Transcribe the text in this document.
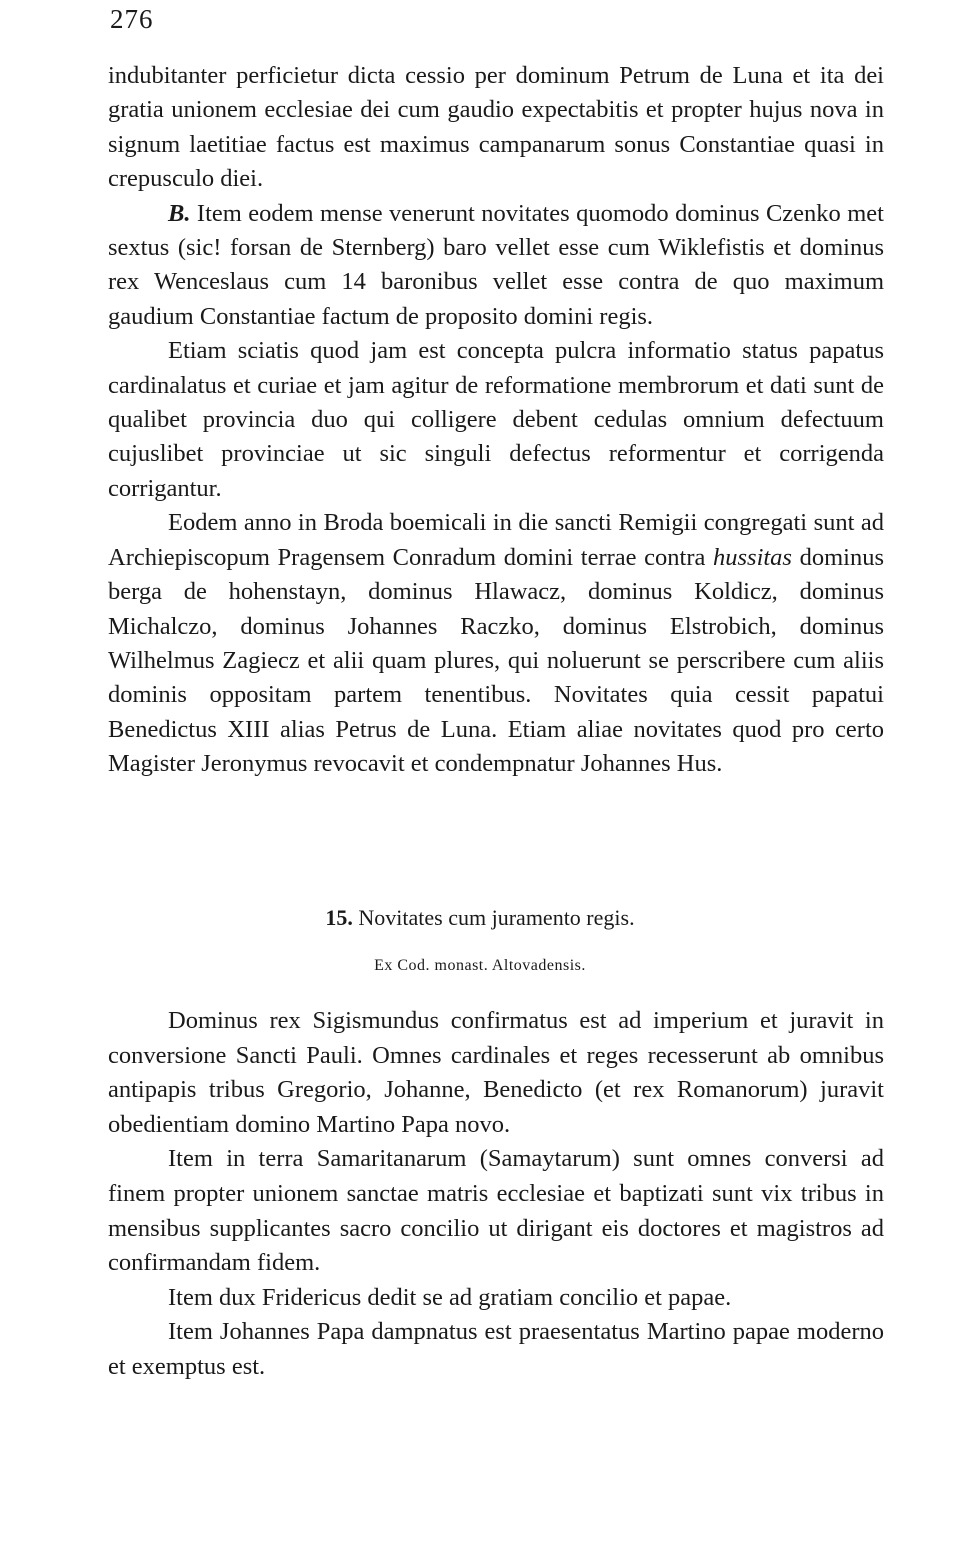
276

indubitanter perficietur dicta cessio per dominum Petrum de Luna et ita dei gratia unionem ecclesiae dei cum gaudio expectabitis et propter hujus nova in signum laetitiae factus est maximus campanarum sonus Constantiae quasi in crepusculo diei.

B. Item eodem mense venerunt novitates quomodo dominus Czenko met sextus (sic! forsan de Sternberg) baro vellet esse cum Wiklefistis et dominus rex Wenceslaus cum 14 baronibus vellet esse contra de quo maximum gaudium Constantiae factum de proposito domini regis.

Etiam sciatis quod jam est concepta pulcra informatio status papatus cardinalatus et curiae et jam agitur de reformatione membrorum et dati sunt de qualibet provincia duo qui colligere debent cedulas omnium defectuum cujuslibet provinciae ut sic singuli defectus reformentur et corrigenda corrigantur.

Eodem anno in Broda boemicali in die sancti Remigii congregati sunt ad Archiepiscopum Pragensem Conradum domini terrae contra hussitas dominus berga de hohenstayn, dominus Hlawacz, dominus Koldicz, dominus Michalczo, dominus Johannes Raczko, dominus Elstrobich, dominus Wilhelmus Zagiecz et alii quam plures, qui noluerunt se perscribere cum aliis dominis oppositam partem tenentibus. Novitates quia cessit papatui Benedictus XIII alias Petrus de Luna. Etiam aliae novitates quod pro certo Magister Jeronymus revocavit et condempnatur Johannes Hus.

15. Novitates cum juramento regis.
Ex Cod. monast. Altovadensis.

Dominus rex Sigismundus confirmatus est ad imperium et juravit in conversione Sancti Pauli. Omnes cardinales et reges recesserunt ab omnibus antipapis tribus Gregorio, Johanne, Benedicto (et rex Romanorum) juravit obedientiam domino Martino Papa novo.

Item in terra Samaritanarum (Samaytarum) sunt omnes conversi ad finem propter unionem sanctae matris ecclesiae et baptizati sunt vix tribus in mensibus supplicantes sacro concilio ut dirigant eis doctores et magistros ad confirmandam fidem.

Item dux Fridericus dedit se ad gratiam concilio et papae.

Item Johannes Papa dampnatus est praesentatus Martino papae moderno et exemptus est.
